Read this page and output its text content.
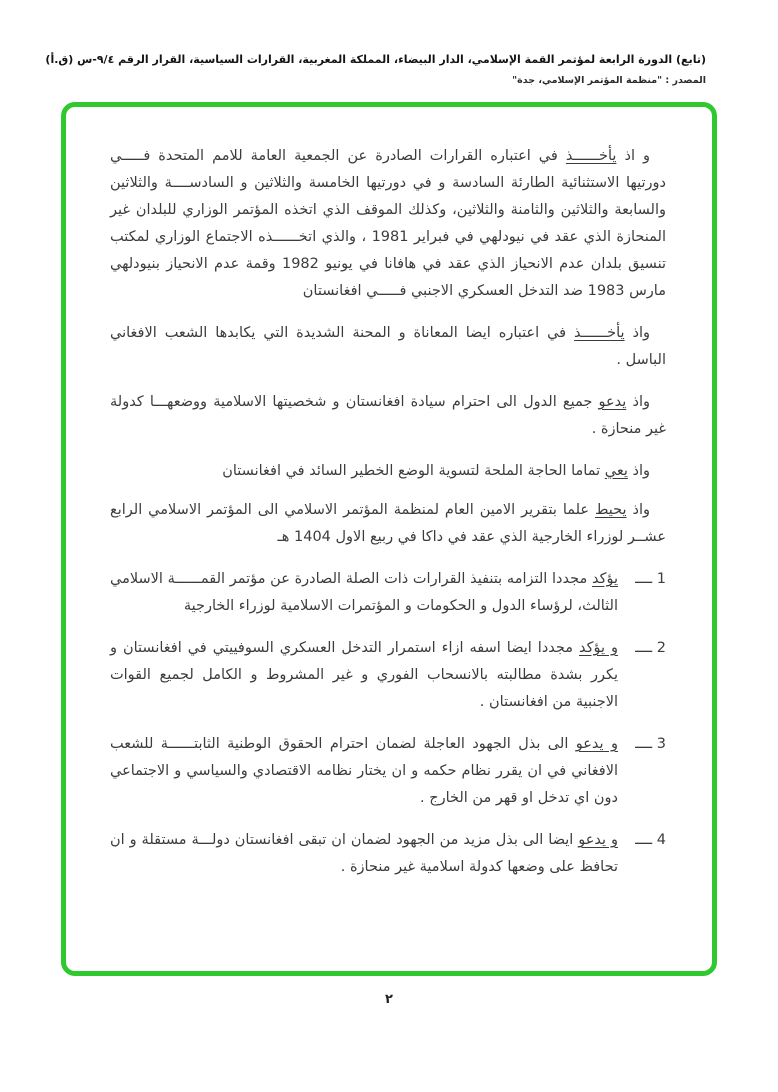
(تابع) الدورة الرابعة لمؤتمر القمة الإسلامي، الدار البيضاء، المملكة المغربية، القرارات السياسية، القرار الرقم ٩/٤-س (ق.أ)
المصدر : "منظمة المؤتمر الإسلامي، جدة"

و اذ يأخــــــذ في اعتباره القرارات الصادرة عن الجمعية العامة للامم المتحدة فـــــي دورتيها الاستثنائية الطارئة السادسة و في دورتيها الخامسة والثلاثين و السادســــة والثلاثين والسابعة والثلاثين والثامنة والثلاثين، وكذلك الموقف الذي اتخذه المؤتمر الوزاري للبلدان غير المنحازة الذي عقد في نيودلهي في فبراير 1981 ، والذي اتخــــــذه الاجتماع الوزاري لمكتب تنسيق بلدان عدم الانحياز الذي عقد في هافانا في يونيو 1982 وقمة عدم الانحياز بنيودلهي مارس 1983 ضد التدخل العسكري الاجنبي فـــــي افغانستان

واذ يأخــــــذ في اعتباره ايضا المعاناة و المحنة الشديدة التي يكابدها الشعب الافغاني الباسل .

واذ يدعو جميع الدول الى احترام سيادة افغانستان و شخصيتها الاسلامية ووضعهـــا كدولة غير منحازة .

واذ يعي تماما الحاجة الملحة لتسوية الوضع الخطير السائد في افغانستان

واذ يحيط علما بتقرير الامين العام لمنظمة المؤتمر الاسلامي الى المؤتمر الاسلامي الرابع عشــر لوزراء الخارجية الذي عقد في داكا في ربيع الاول 1404 هـ

1 ــــ

يؤكد مجددا التزامه بتنفيذ القرارات ذات الصلة الصادرة عن مؤتمر القمــــــة الاسلامي الثالث، لرؤساء الدول و الحكومات و المؤتمرات الاسلامية لوزراء الخارجية

2 ــــ

و يؤكد مجددا ايضا اسفه ازاء استمرار التدخل العسكري السوفييتي في افغانستان و يكرر بشدة مطالبته بالانسحاب الفوري و غير المشروط و الكامل لجميع القوات الاجنبية من افغانستان .

3 ــــ

و يدعو الى بذل الجهود العاجلة لضمان احترام الحقوق الوطنية الثابتــــــة للشعب الافغاني في ان يقرر نظام حكمه و ان يختار نظامه الاقتصادي والسياسي و الاجتماعي دون اي تدخل او قهر من الخارج .

4 ــــ

و يدعو ايضا الى بذل مزيد من الجهود لضمان ان تبقى افغانستان دولـــة مستقلة و ان تحافظ على وضعها كدولة اسلامية غير منحازة .

٢
